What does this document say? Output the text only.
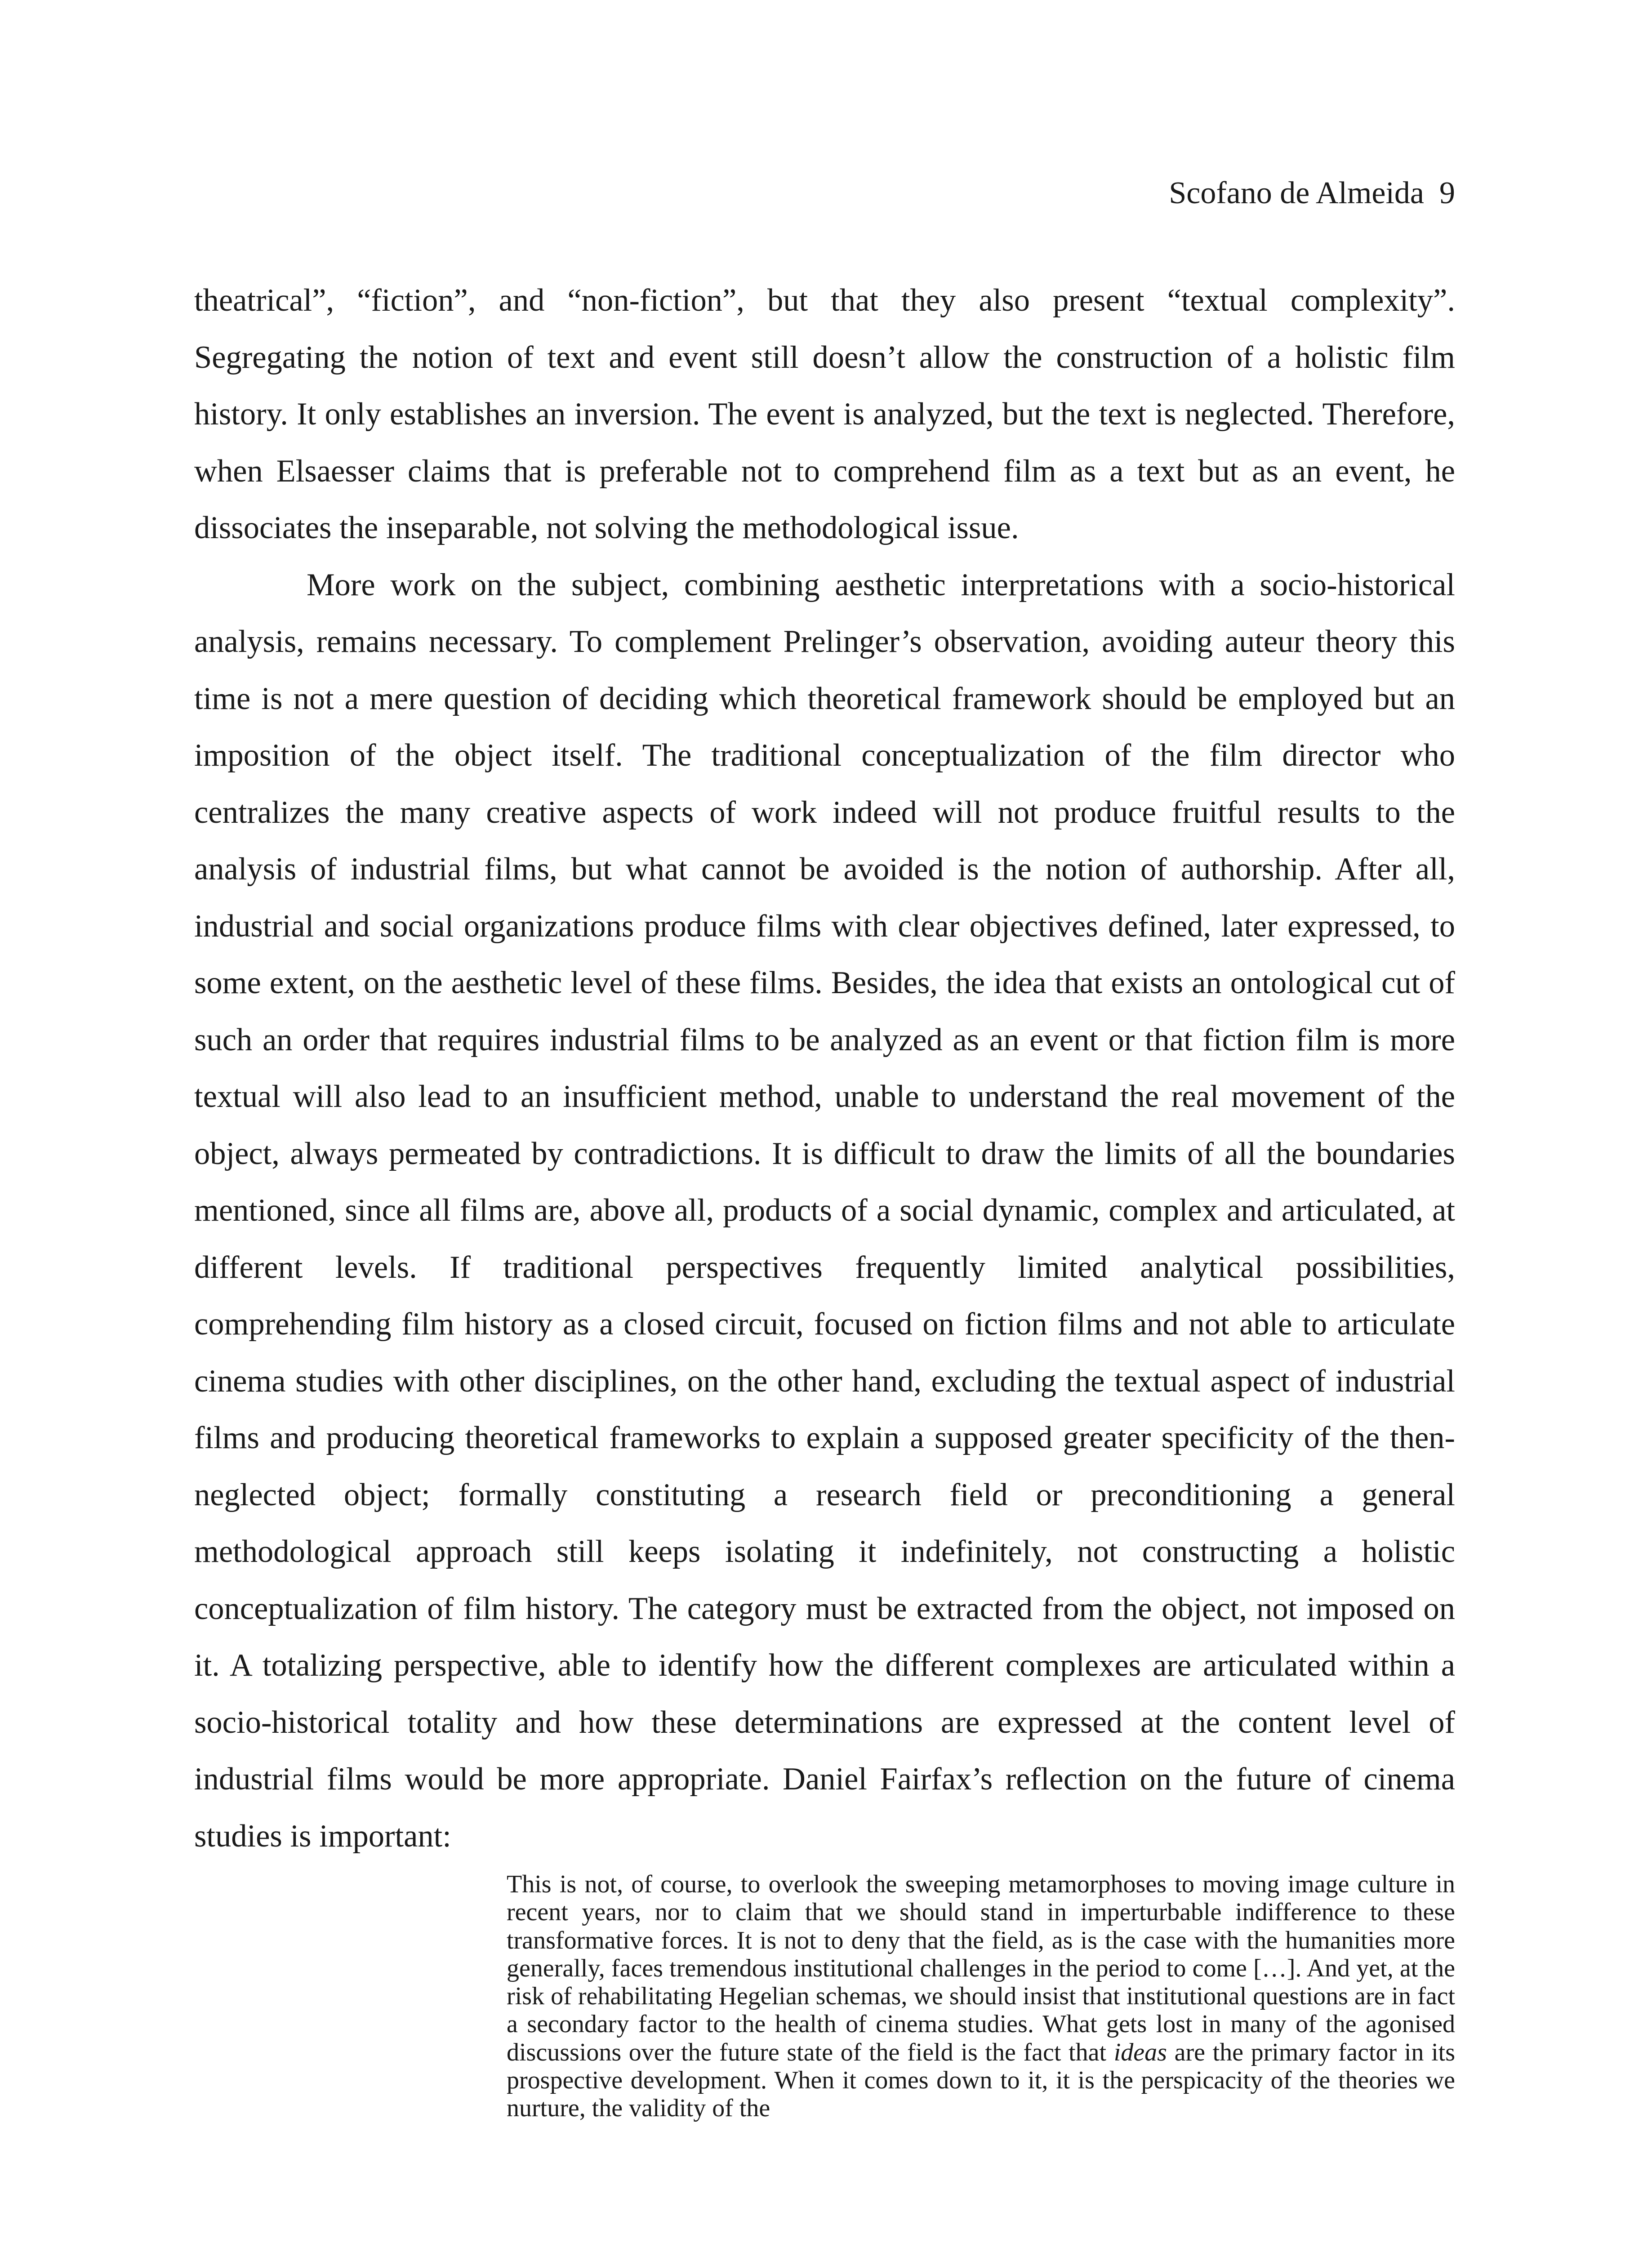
Scofano de Almeida 9

theatrical”, “fiction”, and “non-fiction”, but that they also present “textual complexity”. Segregating the notion of text and event still doesn’t allow the construction of a holistic film history. It only establishes an inversion. The event is analyzed, but the text is neglected. Therefore, when Elsaesser claims that is preferable not to comprehend film as a text but as an event, he dissociates the inseparable, not solving the methodological issue.

More work on the subject, combining aesthetic interpretations with a socio-historical analysis, remains necessary. To complement Prelinger’s observation, avoiding auteur theory this time is not a mere question of deciding which theoretical framework should be employed but an imposition of the object itself. The traditional conceptualization of the film director who centralizes the many creative aspects of work indeed will not produce fruitful results to the analysis of industrial films, but what cannot be avoided is the notion of authorship. After all, industrial and social organizations produce films with clear objectives defined, later expressed, to some extent, on the aesthetic level of these films. Besides, the idea that exists an ontological cut of such an order that requires industrial films to be analyzed as an event or that fiction film is more textual will also lead to an insufficient method, unable to understand the real movement of the object, always permeated by contradictions. It is difficult to draw the limits of all the boundaries mentioned, since all films are, above all, products of a social dynamic, complex and articulated, at different levels. If traditional perspectives frequently limited analytical possibilities, comprehending film history as a closed circuit, focused on fiction films and not able to articulate cinema studies with other disciplines, on the other hand, excluding the textual aspect of industrial films and producing theoretical frameworks to explain a supposed greater specificity of the then-neglected object; formally constituting a research field or preconditioning a general methodological approach still keeps isolating it indefinitely, not constructing a holistic conceptualization of film history. The category must be extracted from the object, not imposed on it. A totalizing perspective, able to identify how the different complexes are articulated within a socio-historical totality and how these determinations are expressed at the content level of industrial films would be more appropriate. Daniel Fairfax’s reflection on the future of cinema studies is important:

This is not, of course, to overlook the sweeping metamorphoses to moving image culture in recent years, nor to claim that we should stand in imperturbable indifference to these transformative forces. It is not to deny that the field, as is the case with the humanities more generally, faces tremendous institutional challenges in the period to come […]. And yet, at the risk of rehabilitating Hegelian schemas, we should insist that institutional questions are in fact a secondary factor to the health of cinema studies. What gets lost in many of the agonised discussions over the future state of the field is the fact that ideas are the primary factor in its prospective development. When it comes down to it, it is the perspicacity of the theories we nurture, the validity of the
